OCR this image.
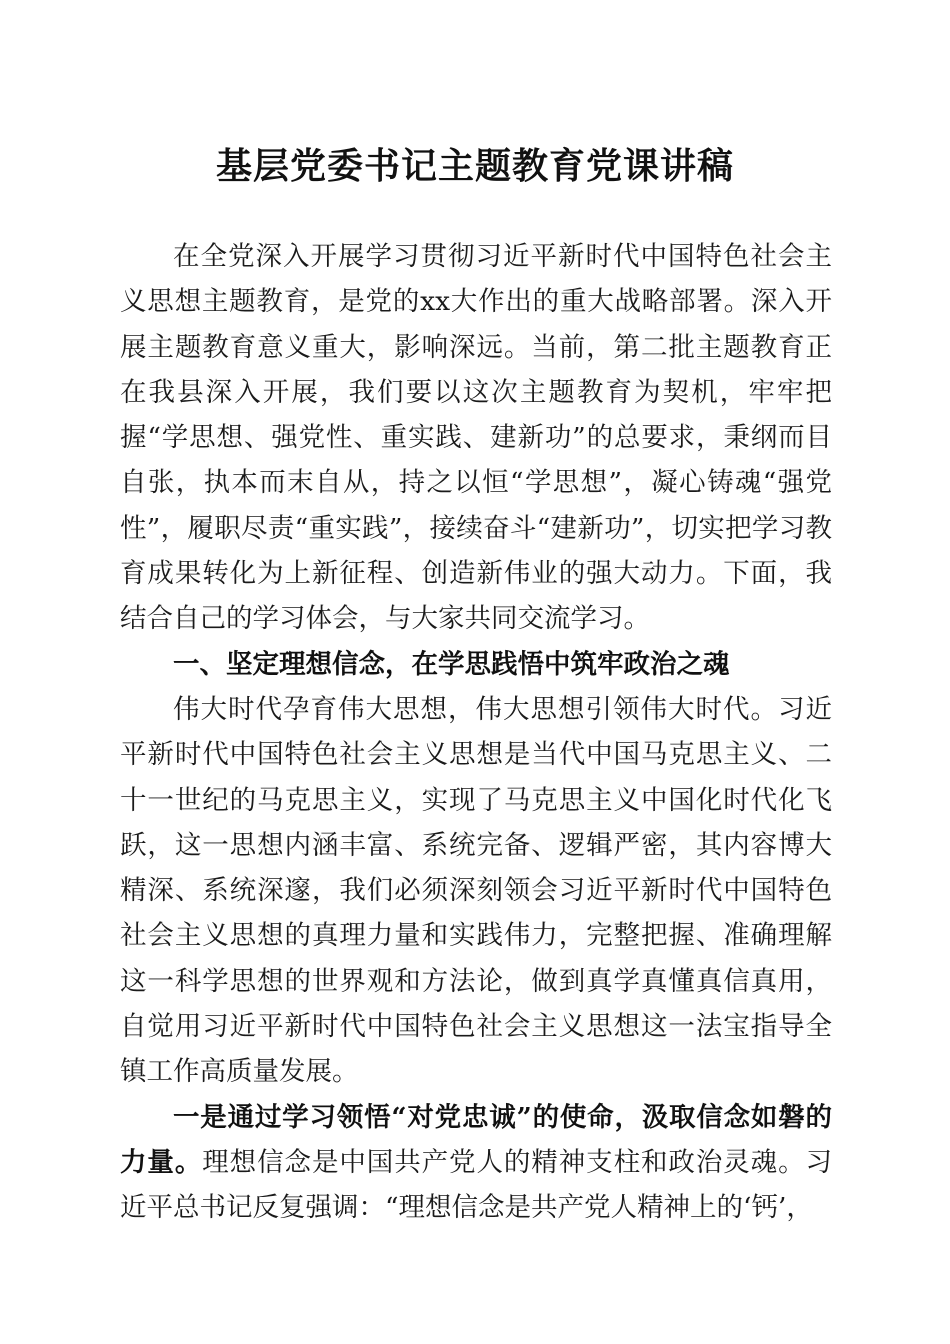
基层党委书记主题教育党课讲稿

在全党深入开展学习贯彻习近平新时代中国特色社会主义思想主题教育，是党的xx大作出的重大战略部署。深入开展主题教育意义重大，影响深远。当前，第二批主题教育正在我县深入开展，我们要以这次主题教育为契机，牢牢把握“学思想、强党性、重实践、建新功”的总要求，秉纲而目自张，执本而末自从，持之以恒“学思想”，凝心铸魂“强党性”，履职尽责“重实践”，接续奋斗“建新功”，切实把学习教育成果转化为上新征程、创造新伟业的强大动力。下面，我结合自己的学习体会，与大家共同交流学习。

一、坚定理想信念，在学思践悟中筑牢政治之魂

伟大时代孕育伟大思想，伟大思想引领伟大时代。习近平新时代中国特色社会主义思想是当代中国马克思主义、二十一世纪的马克思主义，实现了马克思主义中国化时代化飞跃，这一思想内涵丰富、系统完备、逻辑严密，其内容博大精深、系统深邃，我们必须深刻领会习近平新时代中国特色社会主义思想的真理力量和实践伟力，完整把握、准确理解这一科学思想的世界观和方法论，做到真学真懂真信真用，自觉用习近平新时代中国特色社会主义思想这一法宝指导全镇工作高质量发展。

一是通过学习领悟“对党忠诚”的使命，汲取信念如磐的力量。理想信念是中国共产党人的精神支柱和政治灵魂。习近平总书记反复强调：“理想信念是共产党人精神上的‘钙’，
